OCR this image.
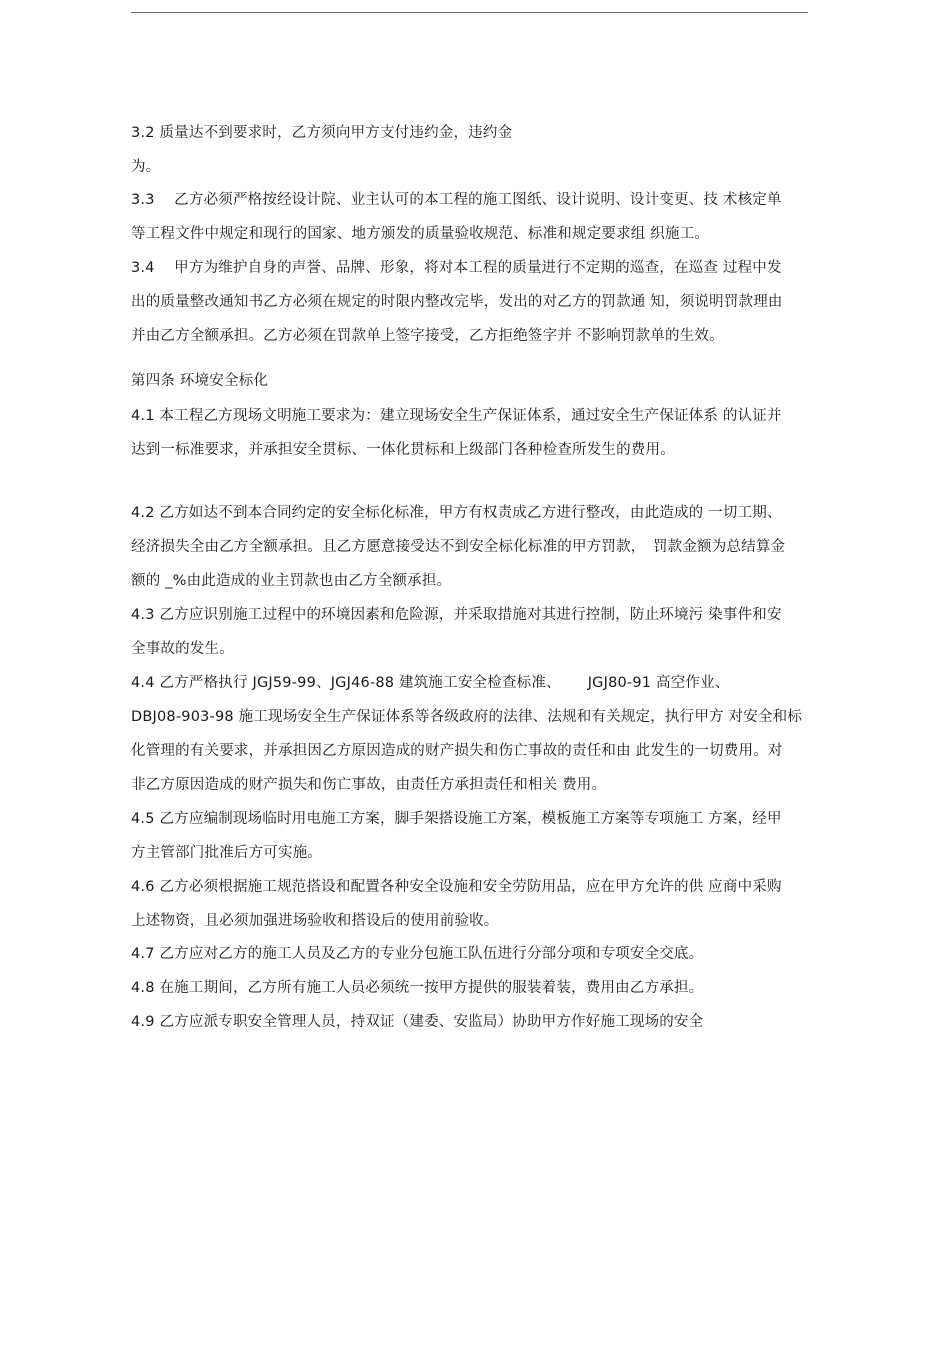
3.2 质量达不到要求时，乙方须向甲方支付违约金，违约金
为。
3.3　 乙方必须严格按经设计院、业主认可的本工程的施工图纸、设计说明、设计变更、技 术核定单
等工程文件中规定和现行的国家、地方颁发的质量验收规范、标准和规定要求组 织施工。
3.4　 甲方为维护自身的声誉、品牌、形象，将对本工程的质量进行不定期的巡查，在巡查 过程中发
出的质量整改通知书乙方必须在规定的时限内整改完毕，发出的对乙方的罚款通 知，须说明罚款理由
并由乙方全额承担。乙方必须在罚款单上签字接受，乙方拒绝签字并 不影响罚款单的生效。
第四条 环境安全标化
4.1 本工程乙方现场文明施工要求为：建立现场安全生产保证体系，通过安全生产保证体系 的认证并
达到一标准要求，并承担安全贯标、一体化贯标和上级部门各种检查所发生的费用。
4.2 乙方如达不到本合同约定的安全标化标准，甲方有权责成乙方进行整改，由此造成的 一切工期、
经济损失全由乙方全额承担。且乙方愿意接受达不到安全标化标准的甲方罚款，　罚款金额为总结算金
额的 _%由此造成的业主罚款也由乙方全额承担。
4.3 乙方应识别施工过程中的环境因素和危险源，并采取措施对其进行控制，防止环境污 染事件和安
全事故的发生。
4.4 乙方严格执行 JGJ59-99、JGJ46-88 建筑施工安全检查标准、　　 JGJ80-91 高空作业、
DBJ08-903-98 施工现场安全生产保证体系等各级政府的法律、法规和有关规定，执行甲方 对安全和标
化管理的有关要求，并承担因乙方原因造成的财产损失和伤亡事故的责任和由 此发生的一切费用。对
非乙方原因造成的财产损失和伤亡事故，由责任方承担责任和相关 费用。
4.5 乙方应编制现场临时用电施工方案，脚手架搭设施工方案，模板施工方案等专项施工 方案，经甲
方主管部门批准后方可实施。
4.6 乙方必须根据施工规范搭设和配置各种安全设施和安全劳防用品，应在甲方允许的供 应商中采购
上述物资，且必须加强进场验收和搭设后的使用前验收。
4.7 乙方应对乙方的施工人员及乙方的专业分包施工队伍进行分部分项和专项安全交底。
4.8 在施工期间，乙方所有施工人员必须统一按甲方提供的服装着装，费用由乙方承担。
4.9 乙方应派专职安全管理人员，持双证（建委、安监局）协助甲方作好施工现场的安全
